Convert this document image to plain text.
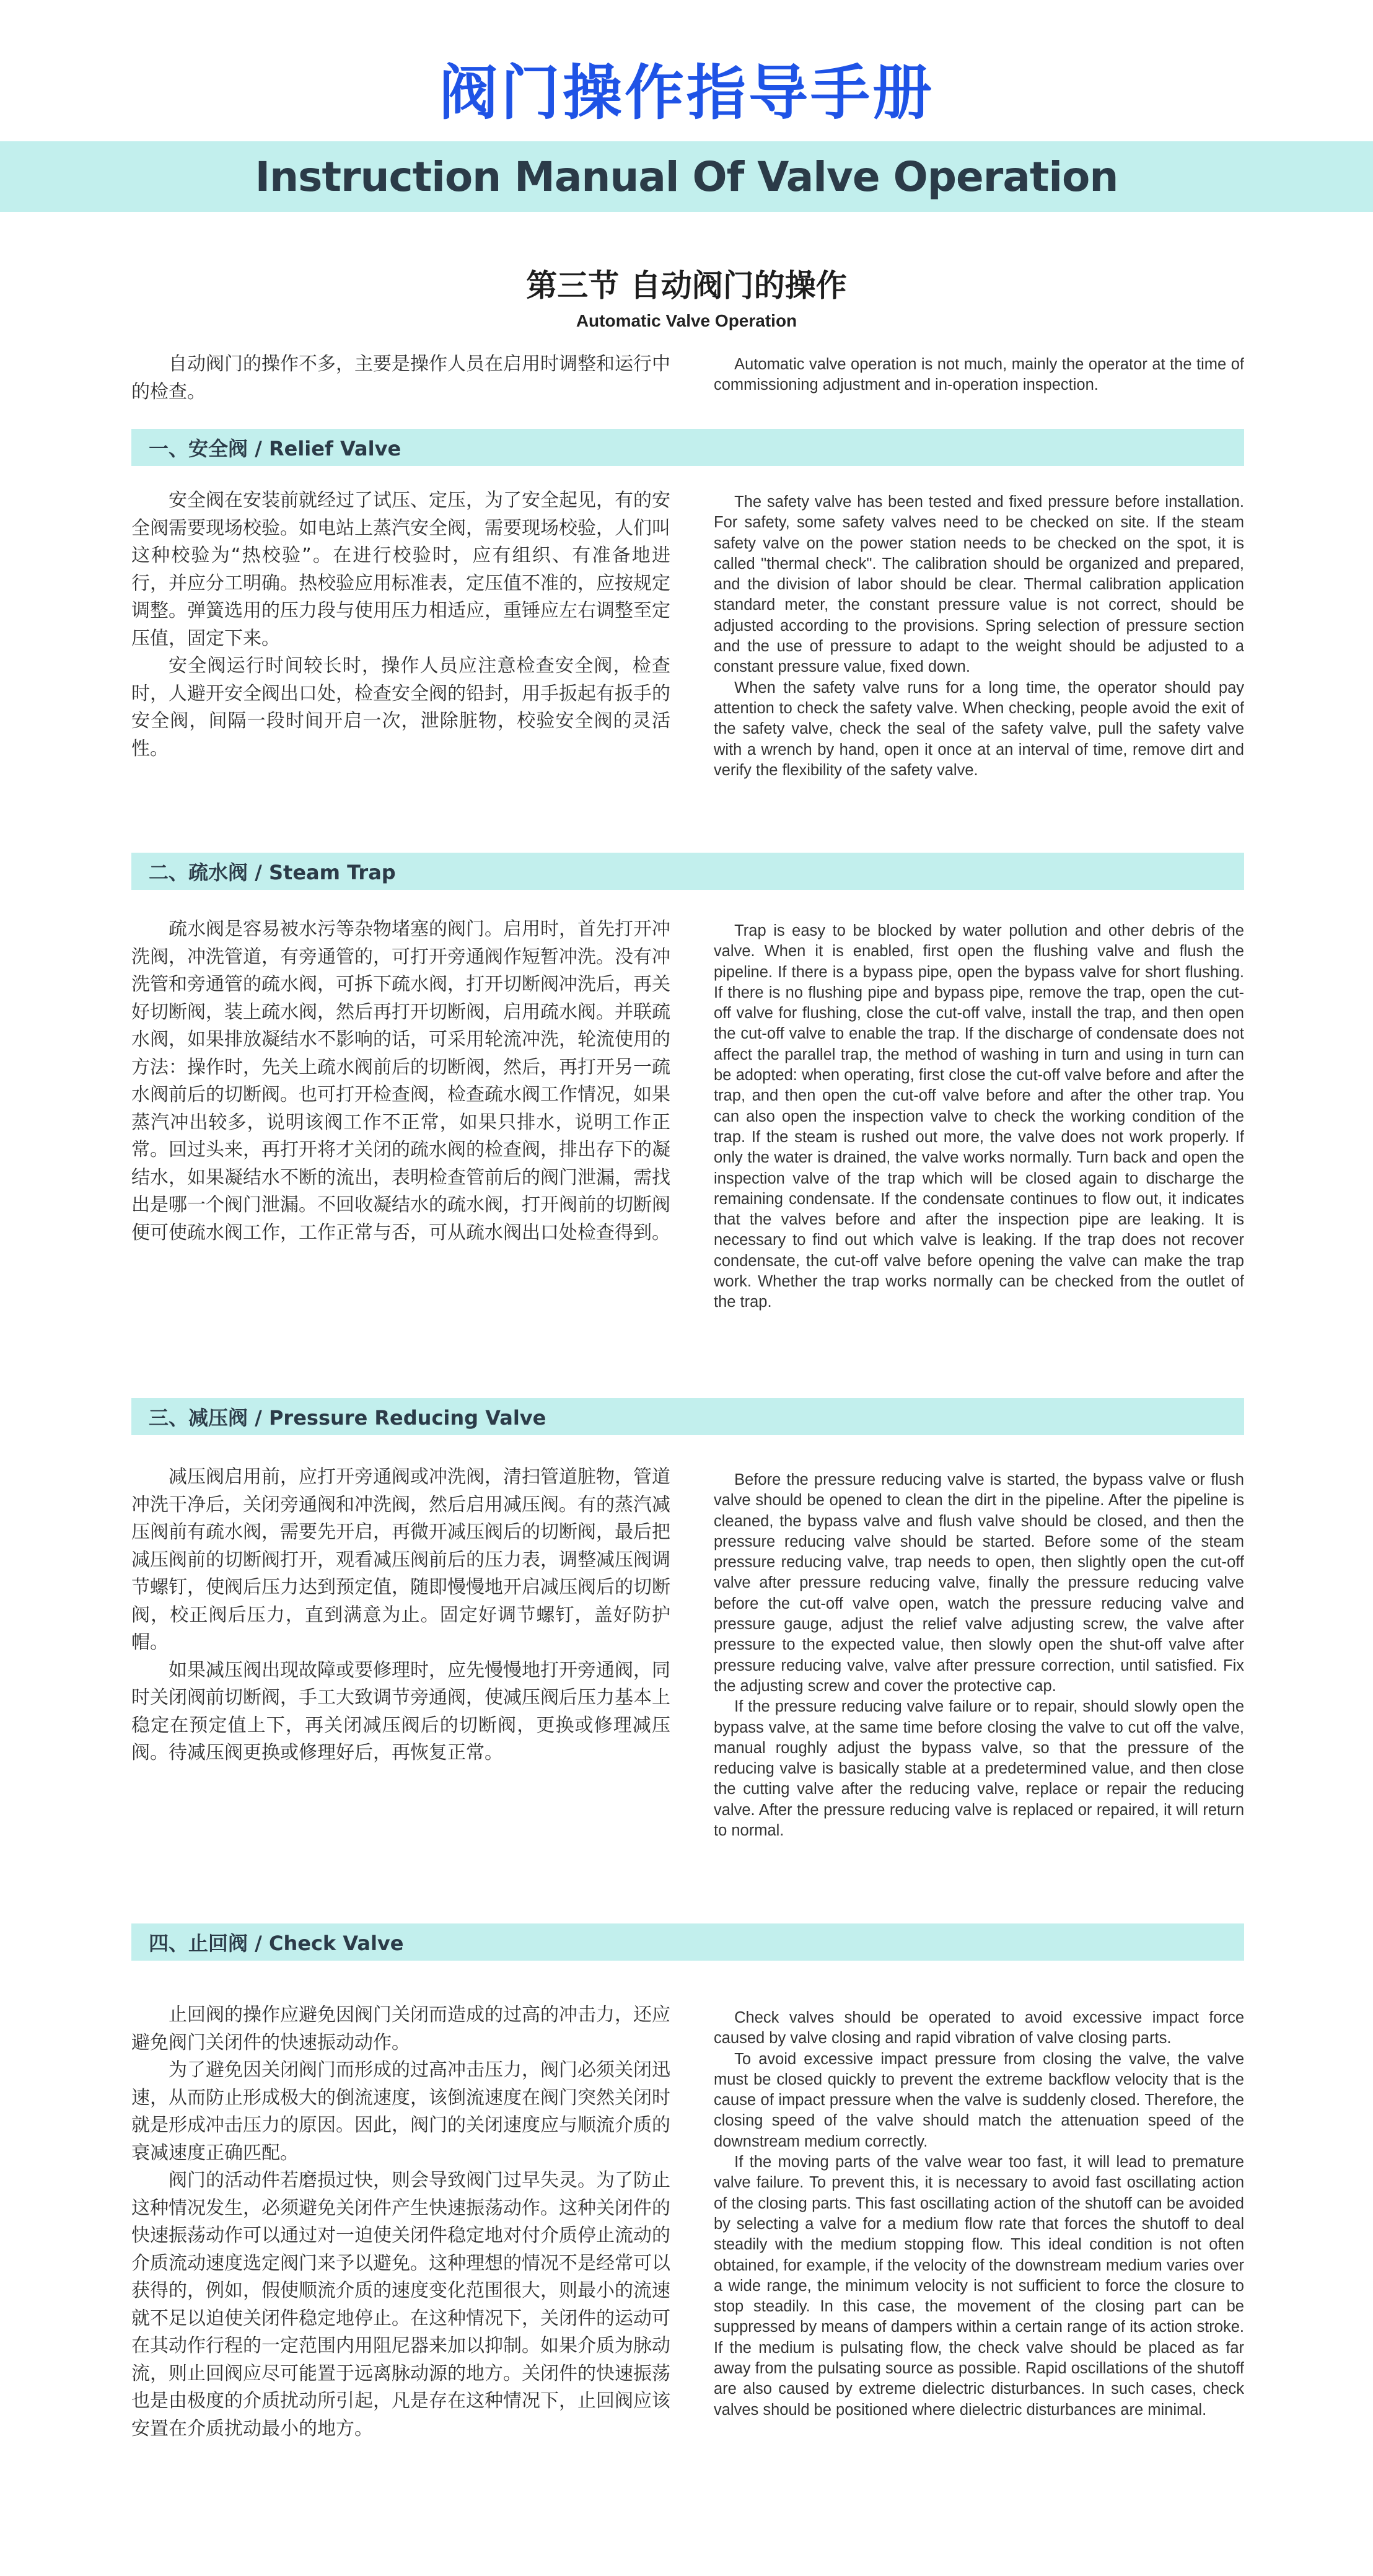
阀门操作指导手册
Instruction Manual Of Valve Operation
第三节 自动阀门的操作
Automatic Valve Operation

自动阀门的操作不多，主要是操作人员在启用时调整和运行中的检查。

Automatic valve operation is not much, mainly the operator at the time of commissioning adjustment and in-operation inspection.

一、安全阀 / Relief Valve

安全阀在安装前就经过了试压、定压，为了安全起见，有的安全阀需要现场校验。如电站上蒸汽安全阀，需要现场校验，人们叫这种校验为“热校验”。在进行校验时，应有组织、有准备地进行，并应分工明确。热校验应用标准表，定压值不准的，应按规定调整。弹簧选用的压力段与使用压力相适应，重锤应左右调整至定压值，固定下来。

安全阀运行时间较长时，操作人员应注意检查安全阀，检查时，人避开安全阀出口处，检查安全阀的铅封，用手扳起有扳手的安全阀，间隔一段时间开启一次，泄除脏物，校验安全阀的灵活性。

The safety valve has been tested and fixed pressure before installation. For safety, some safety valves need to be checked on site. If the steam safety valve on the power station needs to be checked on the spot, it is called "thermal check". The calibration should be organized and prepared, and the division of labor should be clear. Thermal calibration application standard meter, the constant pressure value is not correct, should be adjusted according to the provisions. Spring selection of pressure section and the use of pressure to adapt to the weight should be adjusted to a constant pressure value, fixed down.

When the safety valve runs for a long time, the operator should pay attention to check the safety valve. When checking, people avoid the exit of the safety valve, check the seal of the safety valve, pull the safety valve with a wrench by hand, open it once at an interval of time, remove dirt and verify the flexibility of the safety valve.

二、疏水阀 / Steam Trap

疏水阀是容易被水污等杂物堵塞的阀门。启用时，首先打开冲洗阀，冲洗管道，有旁通管的，可打开旁通阀作短暂冲洗。没有冲洗管和旁通管的疏水阀，可拆下疏水阀，打开切断阀冲洗后，再关好切断阀，装上疏水阀，然后再打开切断阀，启用疏水阀。并联疏水阀，如果排放凝结水不影响的话，可采用轮流冲洗，轮流使用的方法：操作时，先关上疏水阀前后的切断阀，然后，再打开另一疏水阀前后的切断阀。也可打开检查阀，检查疏水阀工作情况，如果蒸汽冲出较多，说明该阀工作不正常，如果只排水，说明工作正常。回过头来，再打开将才关闭的疏水阀的检查阀，排出存下的凝结水，如果凝结水不断的流出，表明检查管前后的阀门泄漏，需找出是哪一个阀门泄漏。不回收凝结水的疏水阀，打开阀前的切断阀便可使疏水阀工作，工作正常与否，可从疏水阀出口处检查得到。

Trap is easy to be blocked by water pollution and other debris of the valve. When it is enabled, first open the flushing valve and flush the pipeline. If there is a bypass pipe, open the bypass valve for short flushing. If there is no flushing pipe and bypass pipe, remove the trap, open the cut-off valve for flushing, close the cut-off valve, install the trap, and then open the cut-off valve to enable the trap. If the discharge of condensate does not affect the parallel trap, the method of washing in turn and using in turn can be adopted: when operating, first close the cut-off valve before and after the trap, and then open the cut-off valve before and after the other trap. You can also open the inspection valve to check the working condition of the trap. If the steam is rushed out more, the valve does not work properly. If only the water is drained, the valve works normally. Turn back and open the inspection valve of the trap which will be closed again to discharge the remaining condensate. If the condensate continues to flow out, it indicates that the valves before and after the inspection pipe are leaking. It is necessary to find out which valve is leaking. If the trap does not recover condensate, the cut-off valve before opening the valve can make the trap work. Whether the trap works normally can be checked from the outlet of the trap.

三、减压阀 / Pressure Reducing Valve

减压阀启用前，应打开旁通阀或冲洗阀，清扫管道脏物，管道冲洗干净后，关闭旁通阀和冲洗阀，然后启用减压阀。有的蒸汽减压阀前有疏水阀，需要先开启，再微开减压阀后的切断阀，最后把减压阀前的切断阀打开，观看减压阀前后的压力表，调整减压阀调节螺钉，使阀后压力达到预定值，随即慢慢地开启减压阀后的切断阀，校正阀后压力，直到满意为止。固定好调节螺钉，盖好防护帽。

如果减压阀出现故障或要修理时，应先慢慢地打开旁通阀，同时关闭阀前切断阀，手工大致调节旁通阀，使减压阀后压力基本上稳定在预定值上下，再关闭减压阀后的切断阀，更换或修理减压阀。待减压阀更换或修理好后，再恢复正常。

Before the pressure reducing valve is started, the bypass valve or flush valve should be opened to clean the dirt in the pipeline. After the pipeline is cleaned, the bypass valve and flush valve should be closed, and then the pressure reducing valve should be started. Before some of the steam pressure reducing valve, trap needs to open, then slightly open the cut-off valve after pressure reducing valve, finally the pressure reducing valve before the cut-off valve open, watch the pressure reducing valve and pressure gauge, adjust the relief valve adjusting screw, the valve after pressure to the expected value, then slowly open the shut-off valve after pressure reducing valve, valve after pressure correction, until satisfied. Fix the adjusting screw and cover the protective cap.

If the pressure reducing valve failure or to repair, should slowly open the bypass valve, at the same time before closing the valve to cut off the valve, manual roughly adjust the bypass valve, so that the pressure of the reducing valve is basically stable at a predetermined value, and then close the cutting valve after the reducing valve, replace or repair the reducing valve. After the pressure reducing valve is replaced or repaired, it will return to normal.

四、止回阀 / Check Valve

止回阀的操作应避免因阀门关闭而造成的过高的冲击力，还应避免阀门关闭件的快速振动动作。

为了避免因关闭阀门而形成的过高冲击压力，阀门必须关闭迅速，从而防止形成极大的倒流速度，该倒流速度在阀门突然关闭时就是形成冲击压力的原因。因此，阀门的关闭速度应与顺流介质的衰减速度正确匹配。

阀门的活动件若磨损过快，则会导致阀门过早失灵。为了防止这种情况发生，必须避免关闭件产生快速振荡动作。这种关闭件的快速振荡动作可以通过对一迫使关闭件稳定地对付介质停止流动的介质流动速度选定阀门来予以避免。这种理想的情况不是经常可以获得的，例如，假使顺流介质的速度变化范围很大，则最小的流速就不足以迫使关闭件稳定地停止。在这种情况下，关闭件的运动可在其动作行程的一定范围内用阻尼器来加以抑制。如果介质为脉动流，则止回阀应尽可能置于远离脉动源的地方。关闭件的快速振荡也是由极度的介质扰动所引起，凡是存在这种情况下，止回阀应该安置在介质扰动最小的地方。

Check valves should be operated to avoid excessive impact force caused by valve closing and rapid vibration of valve closing parts.

To avoid excessive impact pressure from closing the valve, the valve must be closed quickly to prevent the extreme backflow velocity that is the cause of impact pressure when the valve is suddenly closed. Therefore, the closing speed of the valve should match the attenuation speed of the downstream medium correctly.

If the moving parts of the valve wear too fast, it will lead to premature valve failure. To prevent this, it is necessary to avoid fast oscillating action of the closing parts. This fast oscillating action of the shutoff can be avoided by selecting a valve for a medium flow rate that forces the shutoff to deal steadily with the medium stopping flow. This ideal condition is not often obtained, for example, if the velocity of the downstream medium varies over a wide range, the minimum velocity is not sufficient to force the closure to stop steadily. In this case, the movement of the closing part can be suppressed by means of dampers within a certain range of its action stroke. If the medium is pulsating flow, the check valve should be placed as far away from the pulsating source as possible. Rapid oscillations of the shutoff are also caused by extreme dielectric disturbances. In such cases, check valves should be positioned where dielectric disturbances are minimal.
